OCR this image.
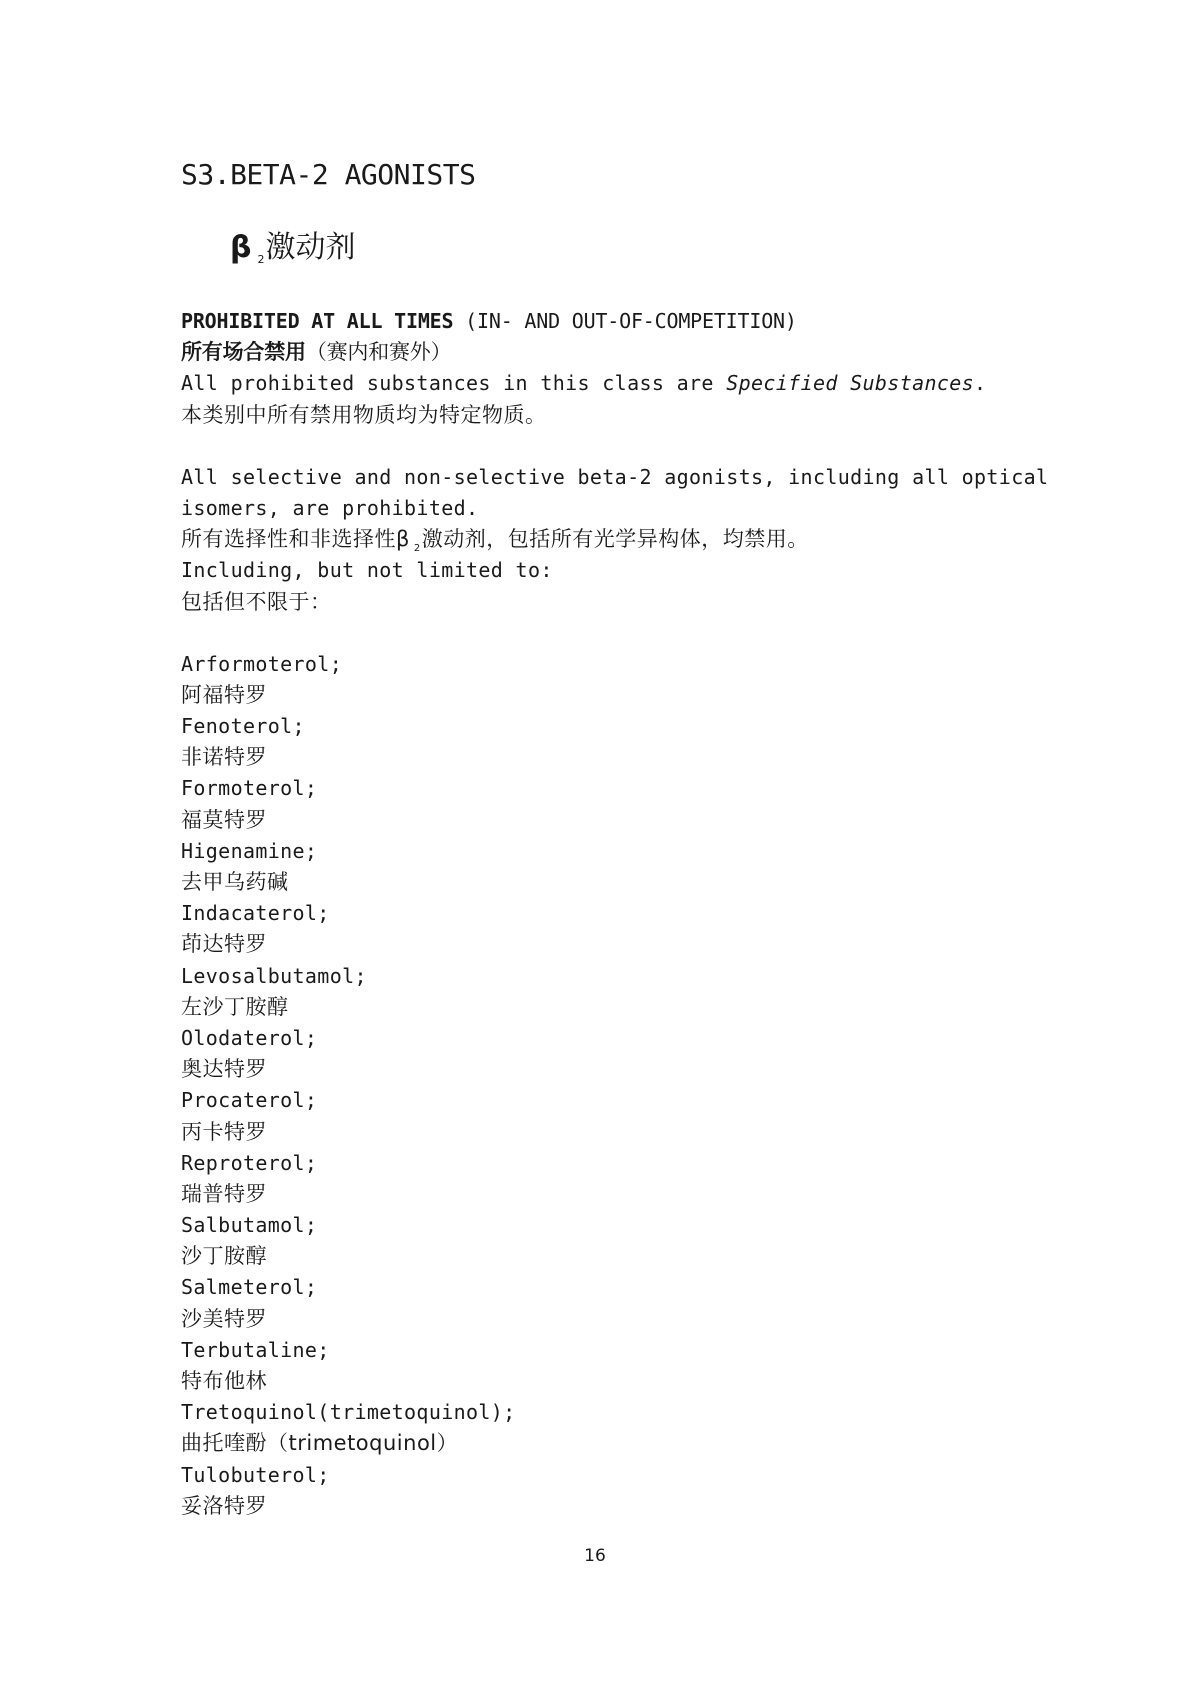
S3.BETA-2 AGONISTS
β $_2$激动剂
PROHIBITED AT ALL TIMES (IN- AND OUT-OF-COMPETITION)
所有场合禁用（赛内和赛外）
All prohibited substances in this class are Specified Substances.
本类别中所有禁用物质均为特定物质。
All selective and non-selective beta-2 agonists, including all optical
isomers, are prohibited.
所有选择性和非选择性β $_2$激动剂，包括所有光学异构体，均禁用。
Including, but not limited to:
包括但不限于：
Arformoterol;
阿福特罗
Fenoterol;
非诺特罗
Formoterol;
福莫特罗
Higenamine;
去甲乌药碱
Indacaterol;
茚达特罗
Levosalbutamol;
左沙丁胺醇
Olodaterol;
奥达特罗
Procaterol;
丙卡特罗
Reproterol;
瑞普特罗
Salbutamol;
沙丁胺醇
Salmeterol;
沙美特罗
Terbutaline;
特布他林
Tretoquinol(trimetoquinol);
曲托喹酚（trimetoquinol）
Tulobuterol;
妥洛特罗
16
